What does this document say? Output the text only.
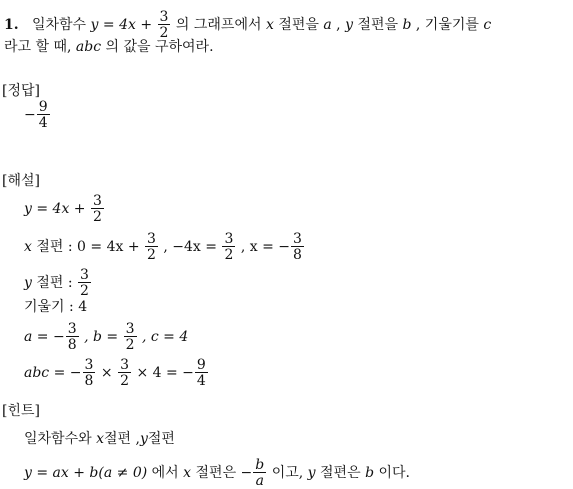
1. 일차함수 $y = 4x + \frac{3}{2}$ 의 그래프에서 x 절편을 a , y 절편을 b , 기울기를 c
라고 할 때, abc 의 값을 구하여라.
[정답]
− $\frac{9}{4}$
[해설]
$y = 4x + \frac{3}{2}$
x 절편 : $0 = 4x + \frac{3}{2}$ , $-4x = \frac{3}{2}$ , x = − $\frac{3}{8}$
y 절편 : $\frac{3}{2}$
기울기 : 4
a = − $\frac{3}{8}$ , $b = \frac{3}{2}$ , c = 4
abc = − $\frac{3}{8} \times \frac{3}{2} \times 4$ = − $\frac{9}{4}$
[힌트]
일차함수와 x절편 ,y절편
y = ax + b(a ≠ 0) 에서 x 절편은 − $\frac{b}{a}$ 이고, y 절편은 b 이다.
